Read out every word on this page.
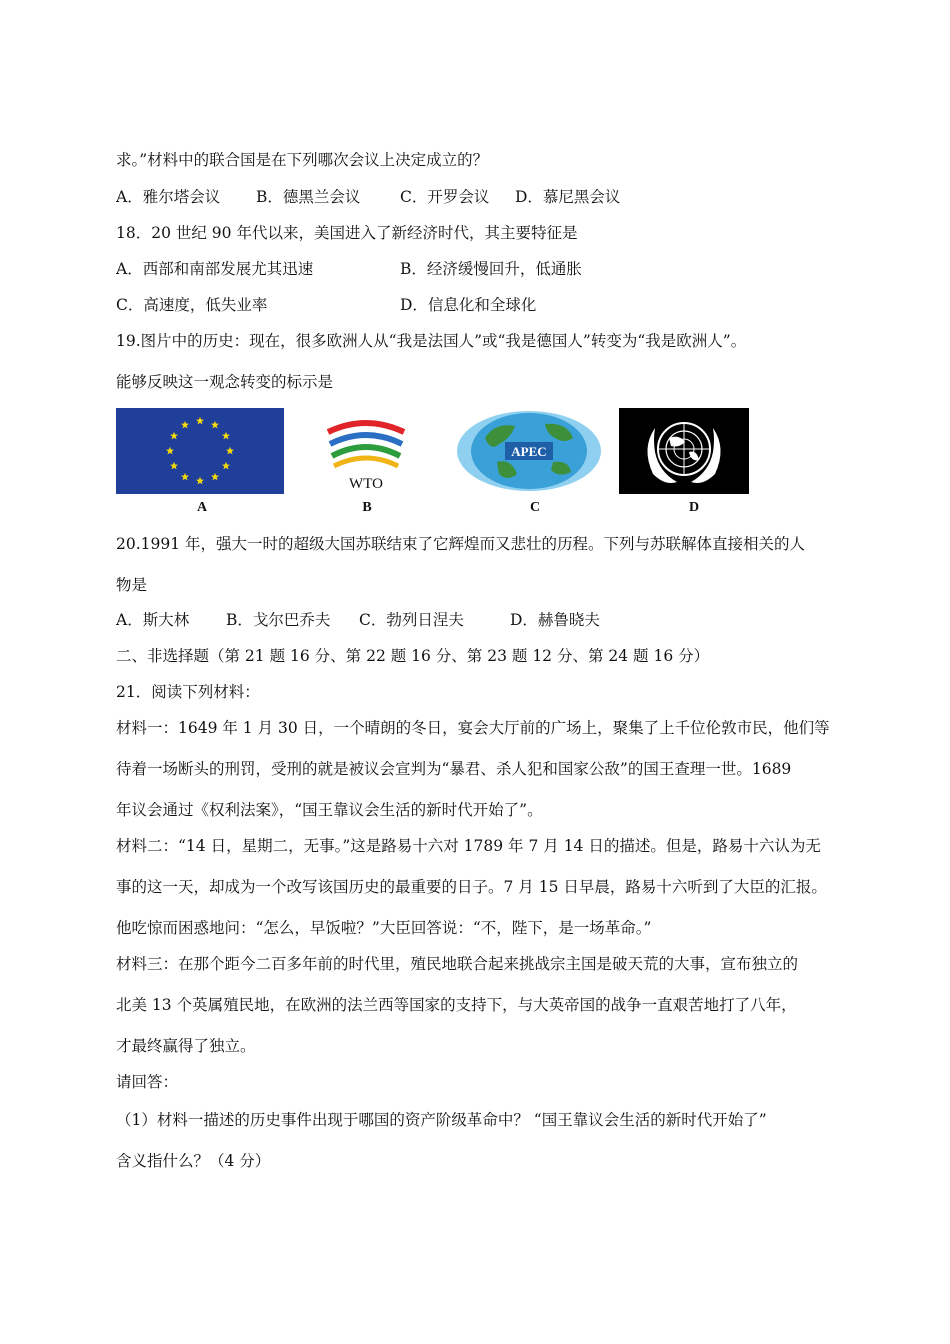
求。”材料中的联合国是在下列哪次会议上决定成立的？
A．雅尔塔会议 B．德黑兰会议	C．开罗会议 D．慕尼黑会议
18．20 世纪 90 年代以来，美国进入了新经济时代，其主要特征是
A．西部和南部发展尤其迅速	B．经济缓慢回升，低通胀
C．高速度，低失业率	D．信息化和全球化
19.图片中的历史：现在，很多欧洲人从“我是法国人”或“我是德国人”转变为“我是欧洲人”。
能够反映这一观念转变的标示是
WTO
APEC
A	B	C	D
20.1991 年，强大一时的超级大国苏联结束了它辉煌而又悲壮的历程。下列与苏联解体直接相关的人
物是
A．斯大林 B．戈尔巴乔夫 C．勃列日涅夫	D．赫鲁晓夫
二、非选择题（第 21 题 16 分、第 22 题 16 分、第 23 题 12 分、第 24 题 16 分）
21．阅读下列材料：
材料一：1649 年 1 月 30 日，一个晴朗的冬日，宴会大厅前的广场上，聚集了上千位伦敦市民，他们等
待着一场断头的刑罚，受刑的就是被议会宣判为“暴君、杀人犯和国家公敌”的国王查理一世。1689
年议会通过《权利法案》，“国王靠议会生活的新时代开始了”。
材料二：“14 日，星期二，无事。”这是路易十六对 1789 年 7 月 14 日的描述。但是，路易十六认为无
事的这一天，却成为一个改写该国历史的最重要的日子。7 月 15 日早晨，路易十六听到了大臣的汇报。
他吃惊而困惑地问：“怎么，早饭啦？”大臣回答说：“不，陛下，是一场革命。”
材料三：在那个距今二百多年前的时代里，殖民地联合起来挑战宗主国是破天荒的大事，宣布独立的
北美 13 个英属殖民地，在欧洲的法兰西等国家的支持下，与大英帝国的战争一直艰苦地打了八年，
才最终赢得了独立。
请回答：
（1）材料一描述的历史事件出现于哪国的资产阶级革命中？ “国王靠议会生活的新时代开始了”
含义指什么？（4 分）
